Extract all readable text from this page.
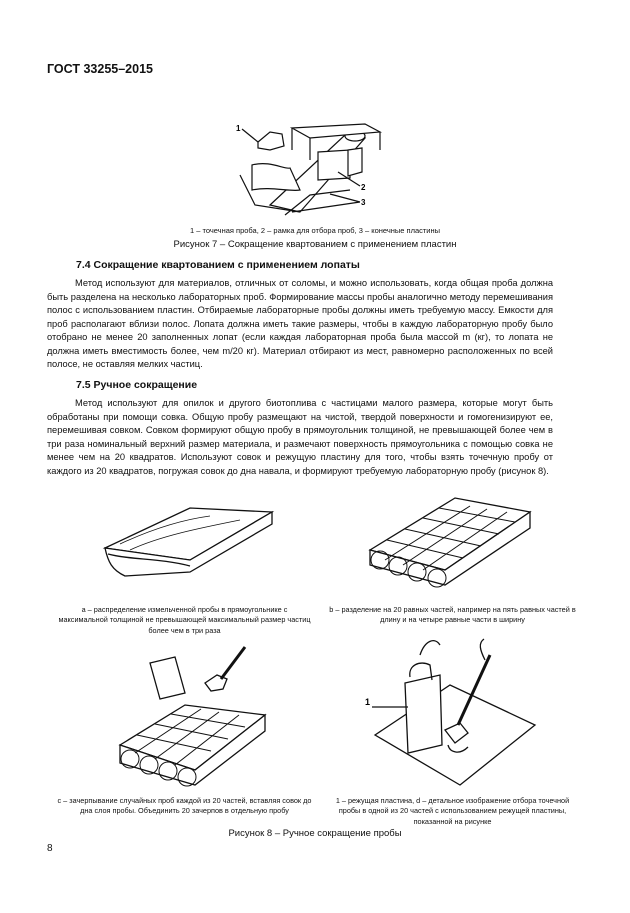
ГОСТ 33255–2015
1
2
3
1 – точечная проба, 2 – рамка для отбора проб, 3 – конечные пластины
Рисунок 7 – Сокращение квартованием с применением пластин
7.4 Сокращение квартованием с применением лопаты

Метод используют для материалов, отличных от соломы, и можно использовать, когда общая проба должна быть разделена на несколько лабораторных проб. Формирование массы пробы аналогично методу перемешивания полос с использованием пластин. Отбираемые лабораторные пробы должны иметь требуемую массу. Емкости для проб располагают вблизи полос. Лопата должна иметь такие размеры, чтобы в каждую лабораторную пробу было отобрано не менее 20 заполненных лопат (если каждая лабораторная проба была массой m (кг), то лопата не должна иметь вместимость более, чем m/20 кг). Материал отбирают из мест, равномерно расположенных по всей полосе, не оставляя мелких частиц.

7.5 Ручное сокращение

Метод используют для опилок и другого биотоплива с частицами малого размера, которые могут быть обработаны при помощи совка. Общую пробу размещают на чистой, твердой поверхности и гомогенизируют ее, перемешивая совком. Совком формируют общую пробу в прямоугольник толщиной, не превышающей более чем в три раза номинальный верхний размер материала, и размечают поверхность прямоугольника с помощью совка не менее чем на 20 квадратов. Используют совок и режущую пластину для того, чтобы взять точечную пробу от каждого из 20 квадратов, погружая совок до дна навала, и формируют требуемую лабораторную пробу (рисунок 8).

а – распределение измельченной пробы в прямоугольнике с максимальной толщиной не превышающей максимальный размер частиц более чем в три раза
b – разделение на 20 равных частей, например на пять равных частей в длину и на четыре равные части в ширину
1
с – зачерпывание случайных проб каждой из 20 частей, вставляя совок до дна слоя пробы. Объединить 20 зачерпов в отдельную пробу
1 – режущая пластина, d – детальное изображение отбора точечной пробы в одной из 20 частей с использованием режущей пластины, показанной на рисунке
Рисунок 8 – Ручное сокращение пробы
8
